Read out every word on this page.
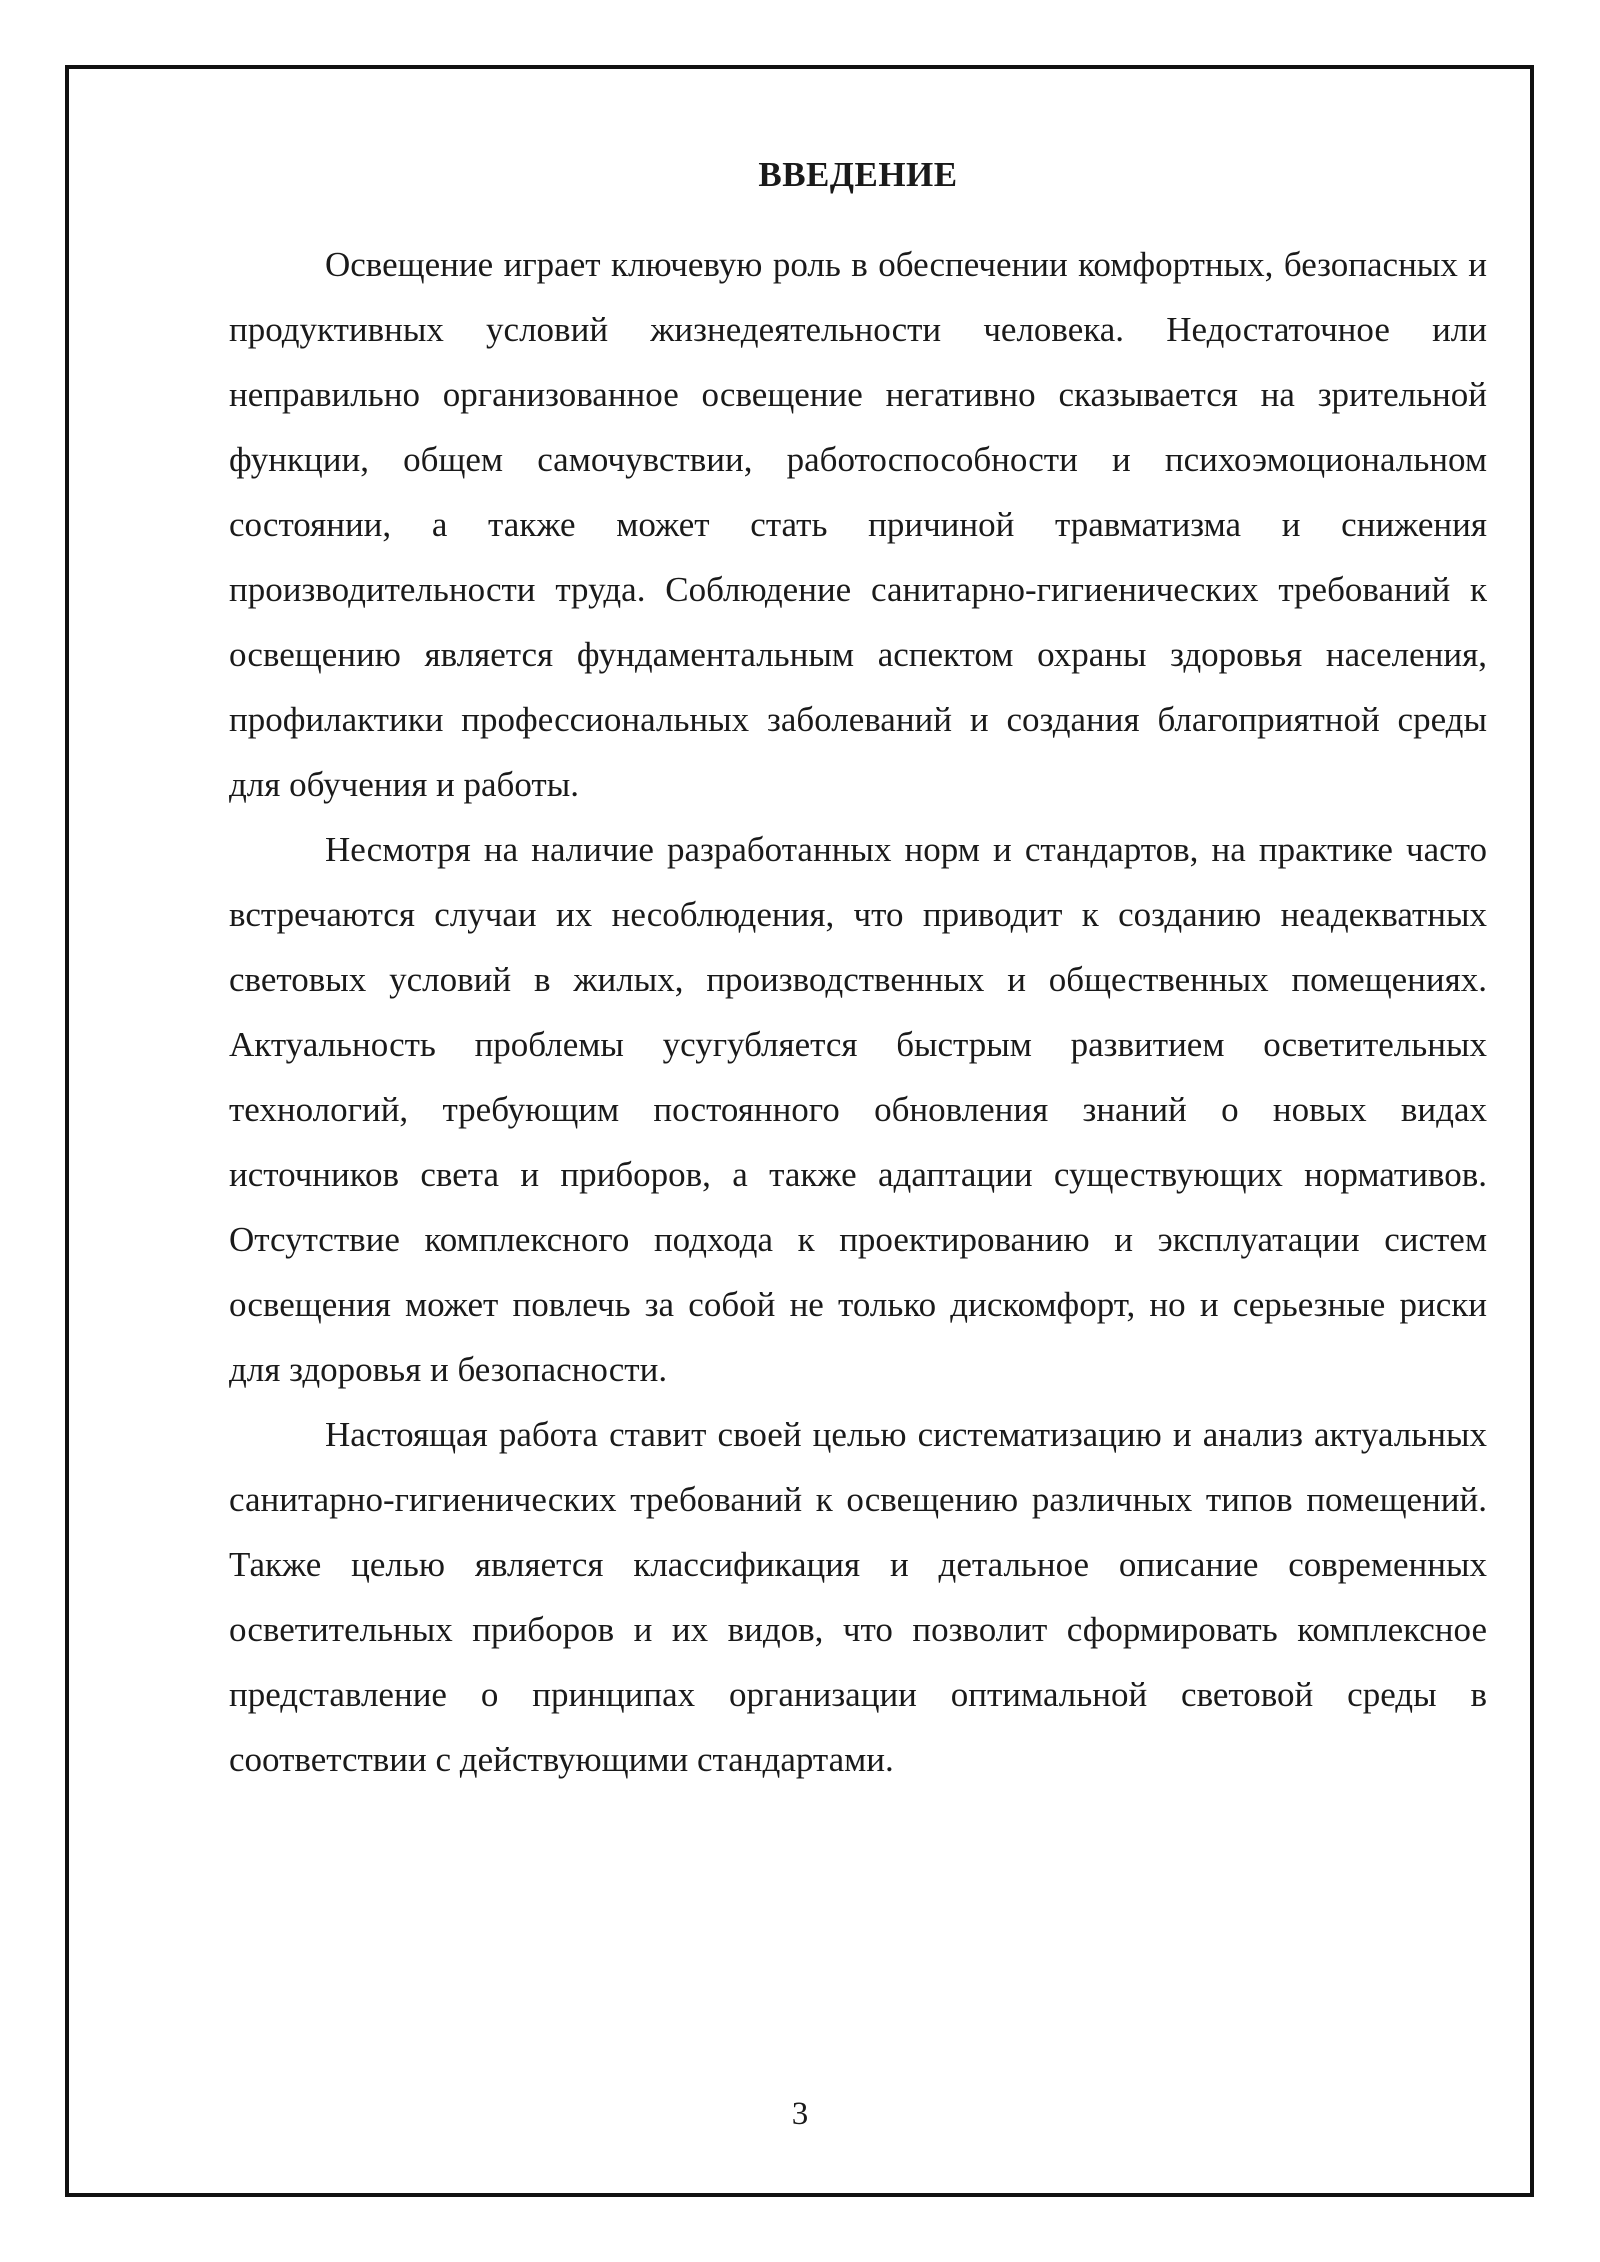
ВВЕДЕНИЕ

Освещение играет ключевую роль в обеспечении комфортных, безопасных и продуктивных условий жизнедеятельности человека. Недостаточное или неправильно организованное освещение негативно сказывается на зрительной функции, общем самочувствии, работоспособности и психоэмоциональном состоянии, а также может стать причиной травматизма и снижения производительности труда. Соблюдение санитарно-гигиенических требований к освещению является фундаментальным аспектом охраны здоровья населения, профилактики профессиональных заболеваний и создания благоприятной среды для обучения и работы.

Несмотря на наличие разработанных норм и стандартов, на практике часто встречаются случаи их несоблюдения, что приводит к созданию неадекватных световых условий в жилых, производственных и общественных помещениях. Актуальность проблемы усугубляется быстрым развитием осветительных технологий, требующим постоянного обновления знаний о новых видах источников света и приборов, а также адаптации существующих нормативов. Отсутствие комплексного подхода к проектированию и эксплуатации систем освещения может повлечь за собой не только дискомфорт, но и серьезные риски для здоровья и безопасности.

Настоящая работа ставит своей целью систематизацию и анализ актуальных санитарно-гигиенических требований к освещению различных типов помещений. Также целью является классификация и детальное описание современных осветительных приборов и их видов, что позволит сформировать комплексное представление о принципах организации оптимальной световой среды в соответствии с действующими стандартами.

3
